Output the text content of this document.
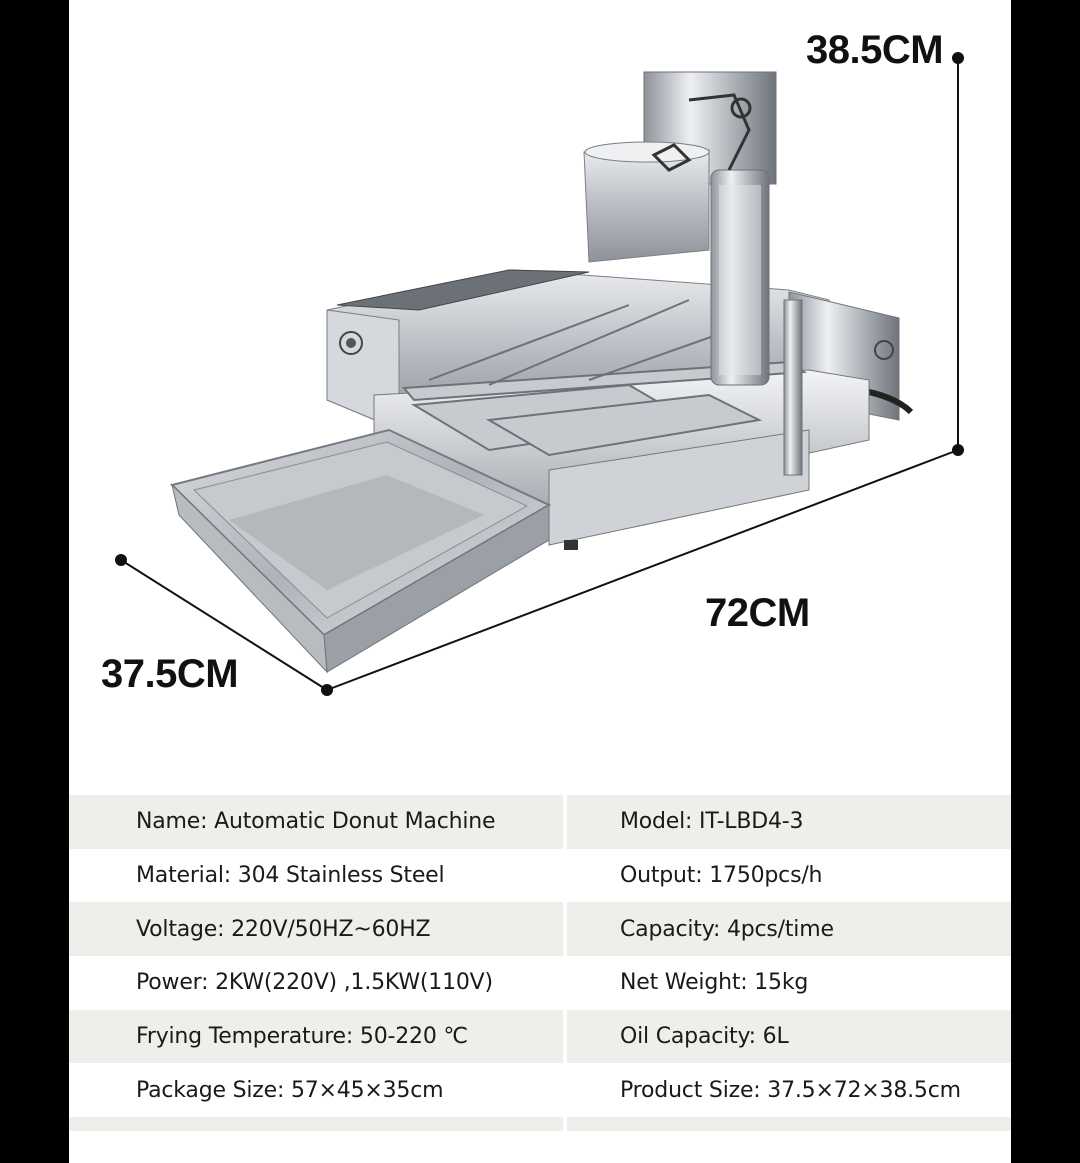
38.5CM
72CM
37.5CM
Name: Automatic Donut Machine	Model: IT-LBD4-3
Material: 304 Stainless Steel	Output: 1750pcs/h
Voltage: 220V/50HZ~60HZ	Capacity: 4pcs/time
Power: 2KW(220V) ,1.5KW(110V)	Net Weight: 15kg
Frying Temperature: 50-220 ℃	Oil Capacity: 6L
Package Size: 57×45×35cm	Product Size: 37.5×72×38.5cm
